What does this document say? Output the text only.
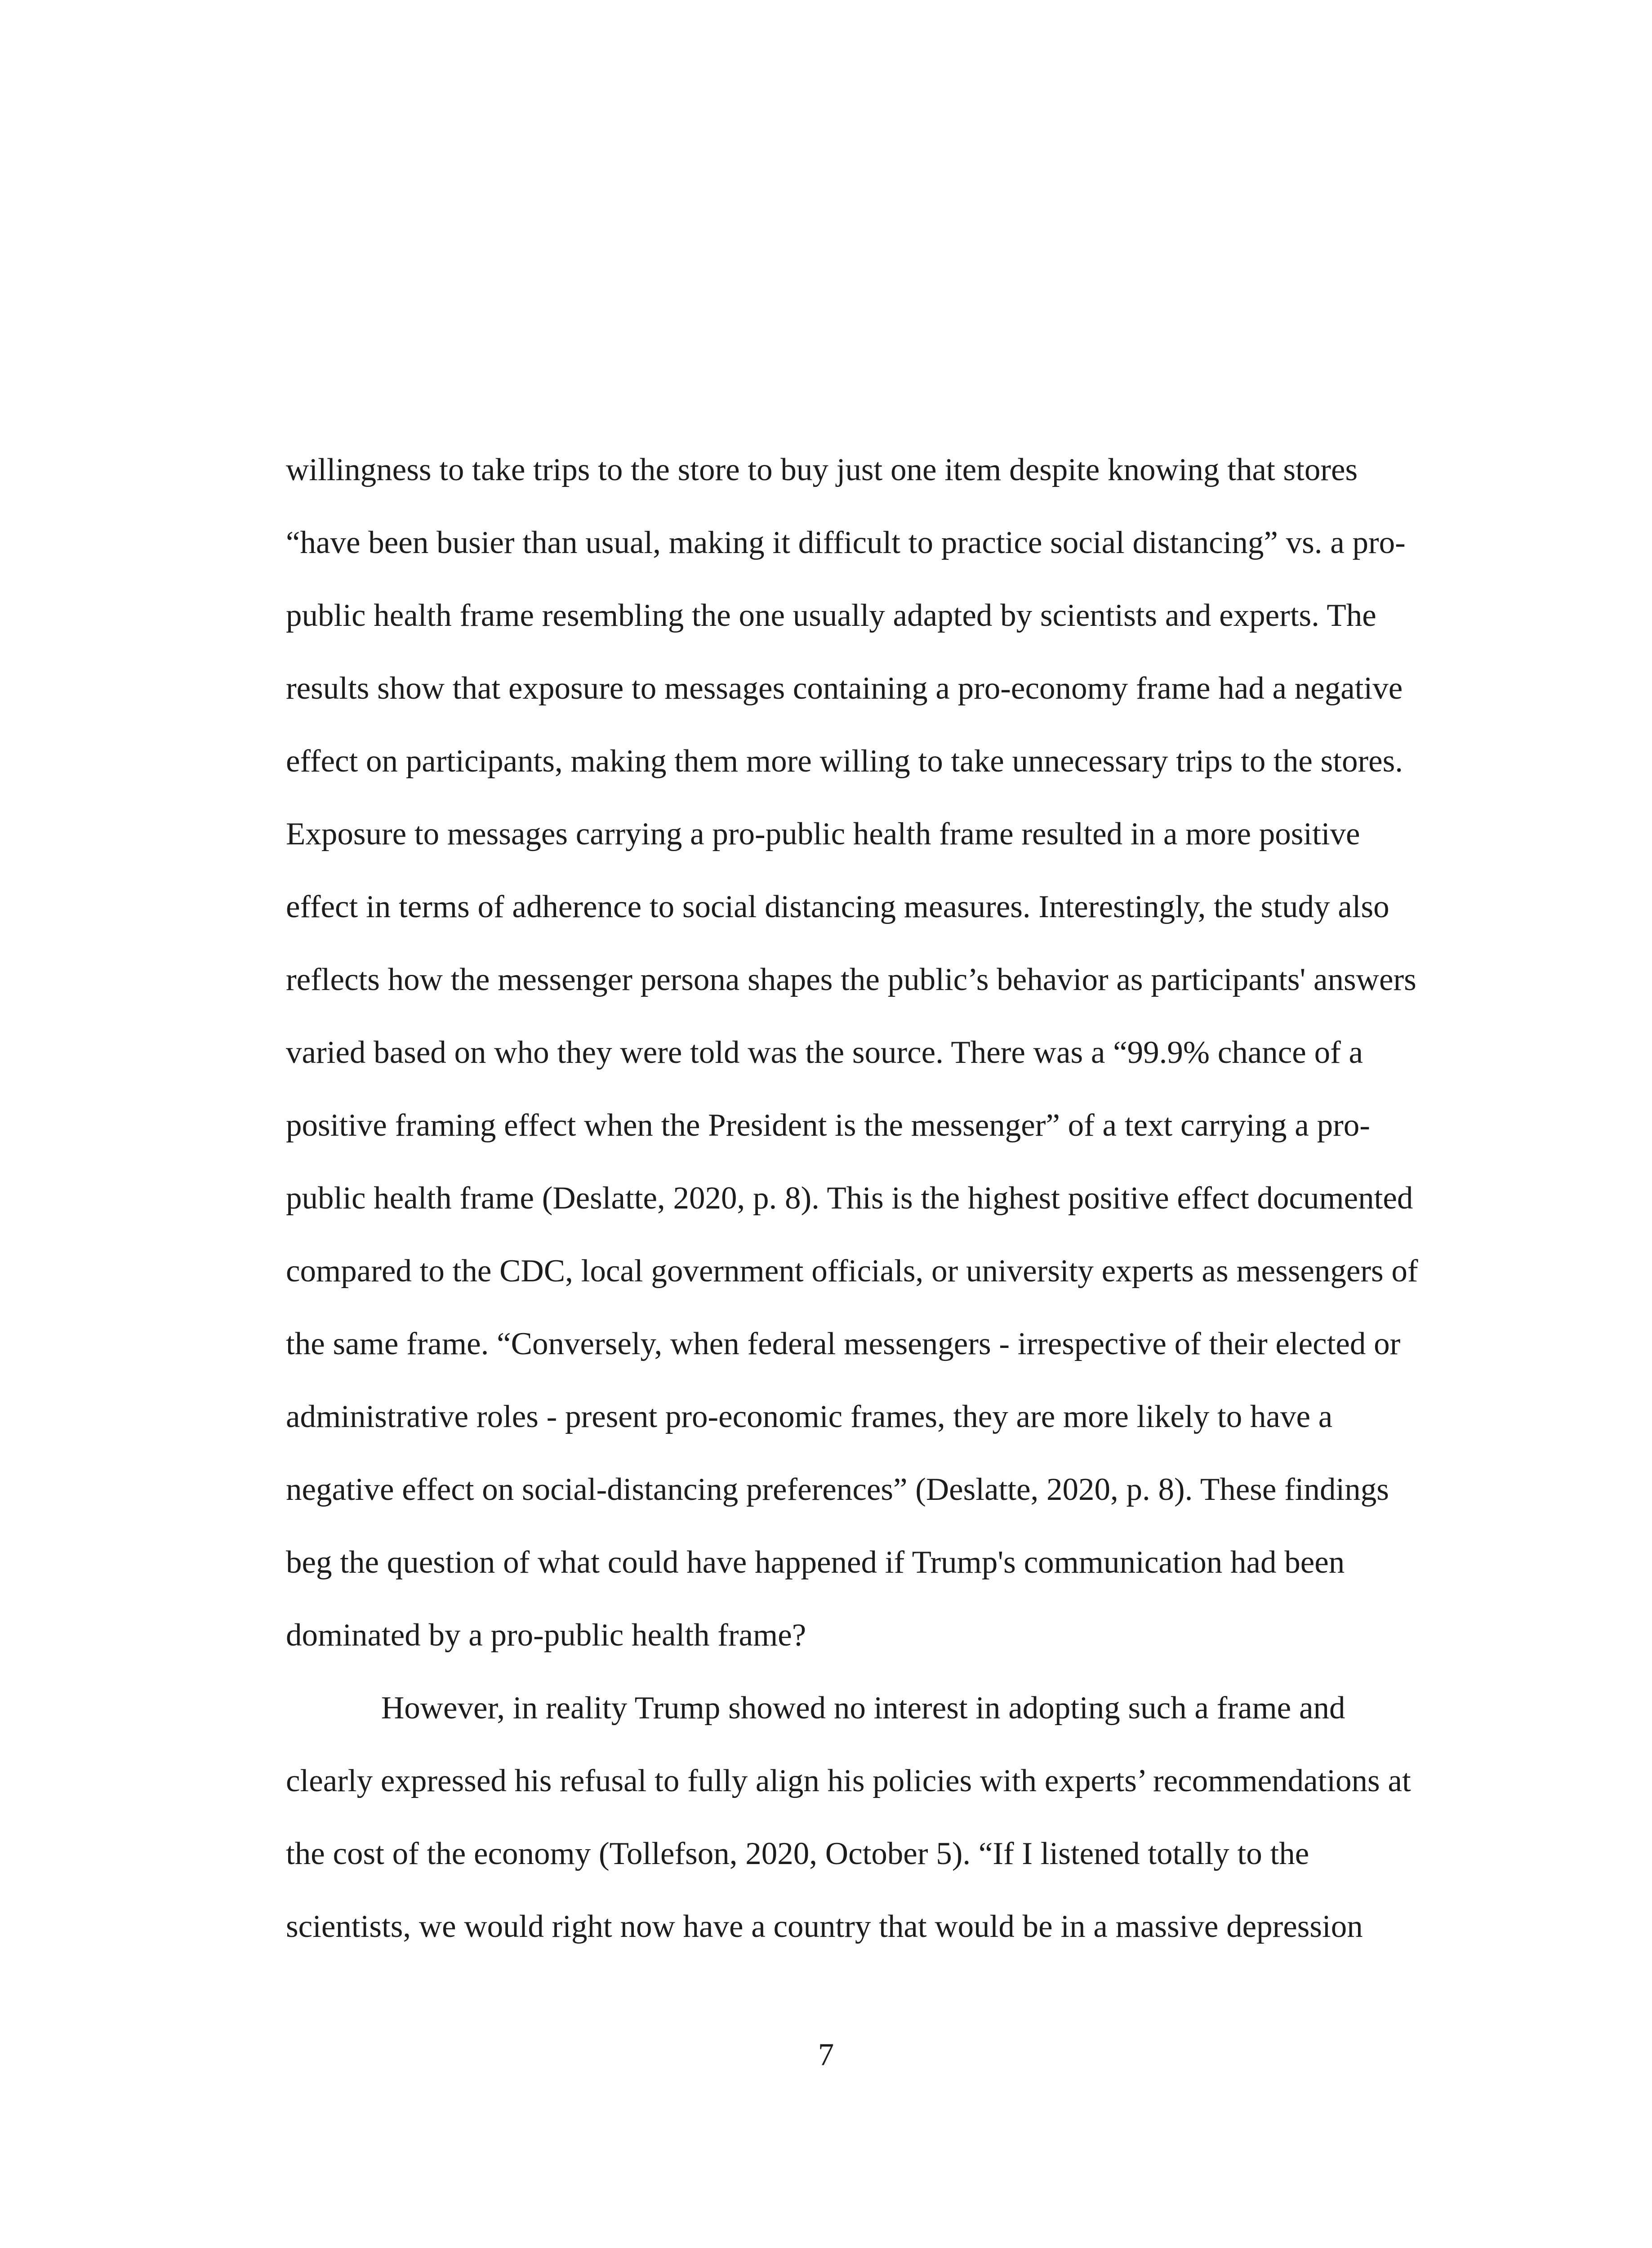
willingness to take trips to the store to buy just one item despite knowing that stores
“have been busier than usual, making it difficult to practice social distancing” vs. a pro-
public health frame resembling the one usually adapted by scientists and experts. The
results show that exposure to messages containing a pro-economy frame had a negative
effect on participants, making them more willing to take unnecessary trips to the stores.
Exposure to messages carrying a pro-public health frame resulted in a more positive
effect in terms of adherence to social distancing measures. Interestingly, the study also
reflects how the messenger persona shapes the public’s behavior as participants' answers
varied based on who they were told was the source. There was a “99.9% chance of a
positive framing effect when the President is the messenger” of a text carrying a pro-
public health frame (Deslatte, 2020, p. 8). This is the highest positive effect documented
compared to the CDC, local government officials, or university experts as messengers of
the same frame. “Conversely, when federal messengers - irrespective of their elected or
administrative roles - present pro-economic frames, they are more likely to have a
negative effect on social-distancing preferences” (Deslatte, 2020, p. 8). These findings
beg the question of what could have happened if Trump's communication had been
dominated by a pro-public health frame?
However, in reality Trump showed no interest in adopting such a frame and
clearly expressed his refusal to fully align his policies with experts’ recommendations at
the cost of the economy (Tollefson, 2020, October 5). “If I listened totally to the
scientists, we would right now have a country that would be in a massive depression
7
